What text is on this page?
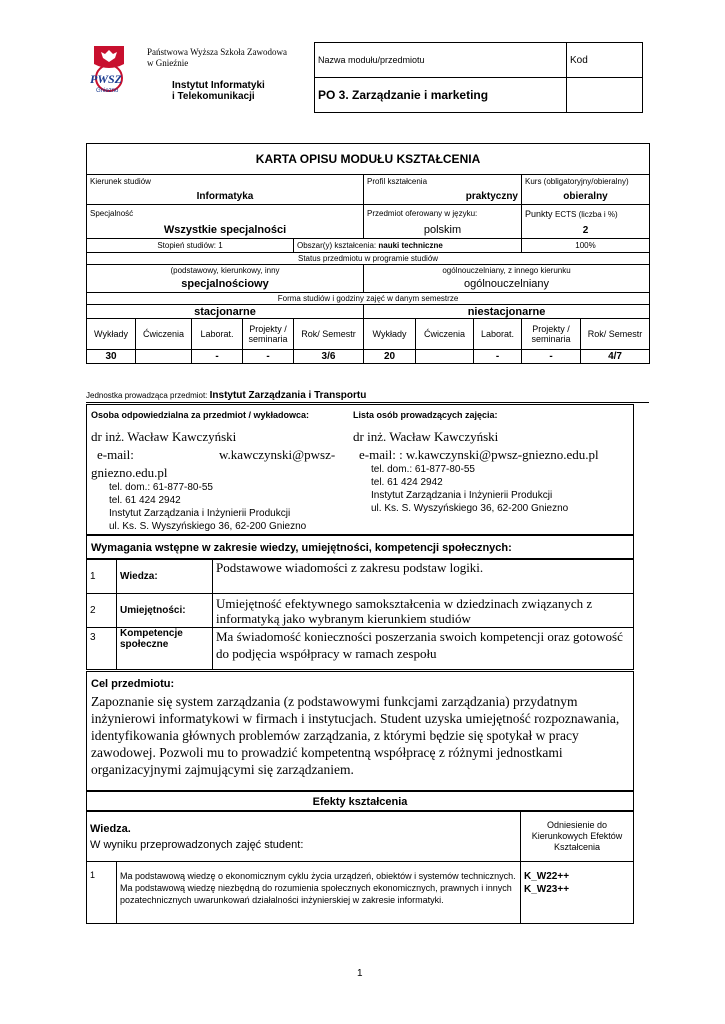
PWSZ
Gniezno
Państwowa Wyższa Szkoła Zawodowa
w Gnieźnie
Instytut Informatyki
i Telekomunikacji
Nazwa modułu/przedmiotu	Kod
PO 3. Zarządzanie i marketing	
KARTA OPISU MODUŁU KSZTAŁCENIA									
Kierunek studiów					Profil kształcenia			Kurs (obligatoryjny/obieralny)	
Informatyka					praktyczny			obieralny	
Specjalność					Przedmiot oferowany w języku:			Punkty ECTS (liczba i %)	
Wszystkie specjalności					polskim			2	
Stopień studiów: 1				Obszar(y) kształcenia: nauki techniczne				100%	
Status przedmiotu w programie studiów									
(podstawowy, kierunkowy, inny					ogólnouczelniany, z innego kierunku				
specjalnościowy					ogólnouczelniany				
Forma studiów i godziny zajęć w danym semestrze									
stacjonarne					niestacjonarne				
Wykłady	Ćwiczenia	Laborat.	Projekty / seminaria	Rok/ Semestr	Wykłady	Ćwiczenia	Laborat.	Projekty / seminaria	Rok/ Semestr
30		-	-	3/6	20		-	-	4/7
Jednostka prowadząca przedmiot: Instytut Zarządzania i Transportu
Osoba odpowiedzialna za przedmiot / wykładowca:	Lista osób prowadzących zajęcia:
dr inż. Wacław Kawczyński
e-mail:	w.kawczynski@pwsz-
gniezno.edu.pl
tel. dom.: 61-877-80-55
tel. 61 424 2942
Instytut Zarządzania i Inżynierii Produkcji
ul. Ks. S. Wyszyńskiego 36, 62-200 Gniezno
dr inż. Wacław Kawczyński
e-mail: : w.kawczynski@pwsz-gniezno.edu.pl
tel. dom.: 61-877-80-55
tel. 61 424 2942
Instytut Zarządzania i Inżynierii Produkcji
ul. Ks. S. Wyszyńskiego 36, 62-200 Gniezno
Wymagania wstępne w zakresie wiedzy, umiejętności, kompetencji społecznych:
1	Wiedza:	Podstawowe wiadomości z zakresu podstaw logiki.
2	Umiejętności:	Umiejętność efektywnego samokształcenia w dziedzinach związanych z informatyką jako wybranym kierunkiem studiów
3	Kompetencje społeczne	Ma świadomość konieczności poszerzania swoich kompetencji oraz gotowość do podjęcia współpracy w ramach zespołu
Cel przedmiotu:
Zapoznanie się system zarządzania (z podstawowymi funkcjami zarządzania) przydatnym inżynierowi informatykowi w firmach i instytucjach. Student uzyska umiejętność rozpoznawania, identyfikowania głównych problemów zarządzania, z którymi będzie się spotykał w pracy zawodowej. Pozwoli mu to prowadzić kompetentną współpracę z różnymi jednostkami organizacyjnymi zajmującymi się zarządzaniem.
Efekty kształcenia
Wiedza.
W wyniku przeprowadzonych zajęć student:		Odniesienie do Kierunkowych Efektów Kształcenia

1	Ma podstawową wiedzę o ekonomicznym cyklu życia urządzeń, obiektów i systemów technicznych. Ma podstawową wiedzę niezbędną do rozumienia społecznych ekonomicznych, prawnych i innych pozatechnicznych uwarunkowań działalności inżynierskiej w zakresie informatyki.	K_W22++
K_W23++
1
